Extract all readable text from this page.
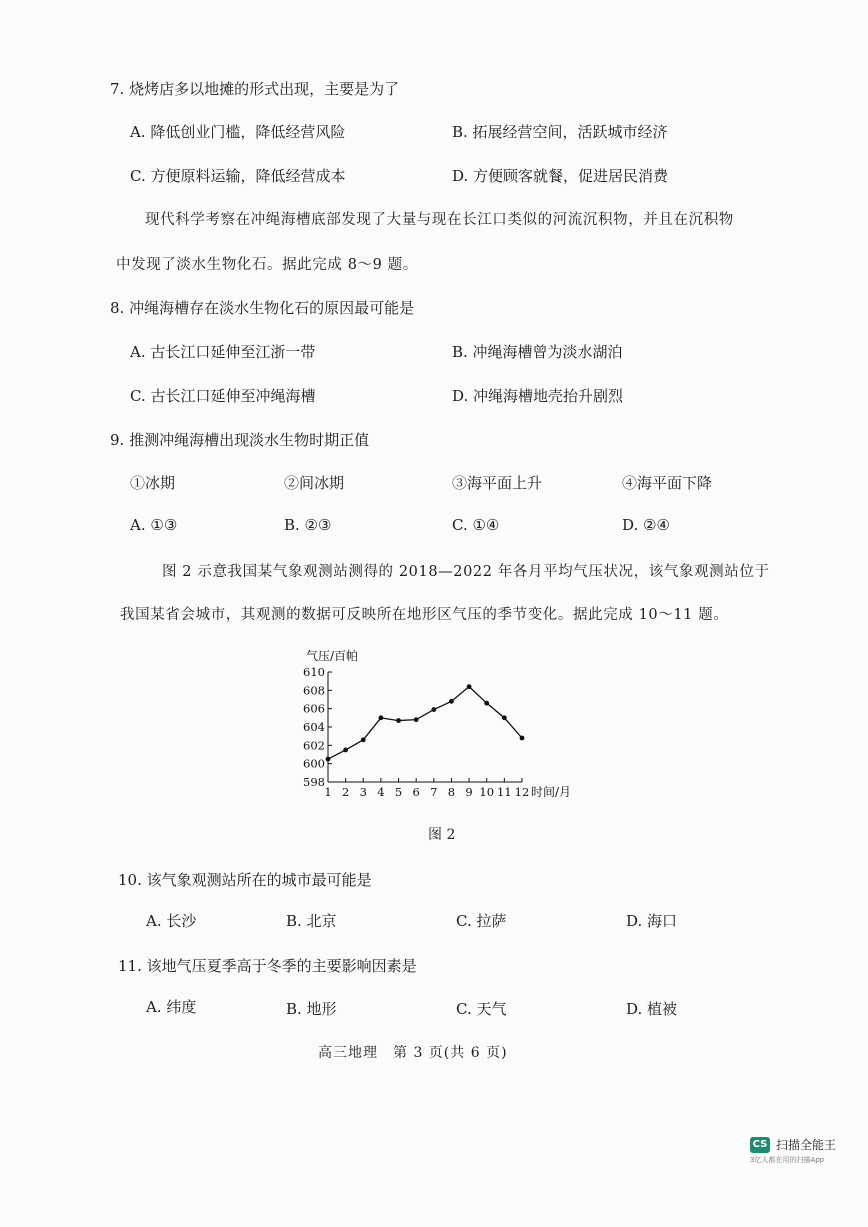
7. 烧烤店多以地摊的形式出现，主要是为了
A. 降低创业门槛，降低经营风险	B. 拓展经营空间，活跃城市经济
C. 方便原料运输，降低经营成本	D. 方便顾客就餐，促进居民消费
现代科学考察在冲绳海槽底部发现了大量与现在长江口类似的河流沉积物，并且在沉积物
中发现了淡水生物化石。据此完成 8～9 题。
8. 冲绳海槽存在淡水生物化石的原因最可能是
A. 古长江口延伸至江浙一带	B. 冲绳海槽曾为淡水湖泊
C. 古长江口延伸至冲绳海槽	D. 冲绳海槽地壳抬升剧烈
9. 推测冲绳海槽出现淡水生物时期正值
①冰期	②间冰期	③海平面上升	④海平面下降
A. ①③	B. ②③	C. ①④	D. ②④
图 2 示意我国某气象观测站测得的 2018—2022 年各月平均气压状况，该气象观测站位于
我国某省会城市，其观测的数据可反映所在地形区气压的季节变化。据此完成 10～11 题。
598
600
602
604
606
608
610
1 2 3 4 5 6 7 8 9 10 11 12
气压/百帕
时间/月
图 2
10. 该气象观测站所在的城市最可能是
A. 长沙	B. 北京	C. 拉萨	D. 海口
11. 该地气压夏季高于冬季的主要影响因素是
A. 纬度	B. 地形	C. 天气	D. 植被
高三地理　第 3 页(共 6 页)
CS 扫描全能王
3亿人都在用的扫描App
